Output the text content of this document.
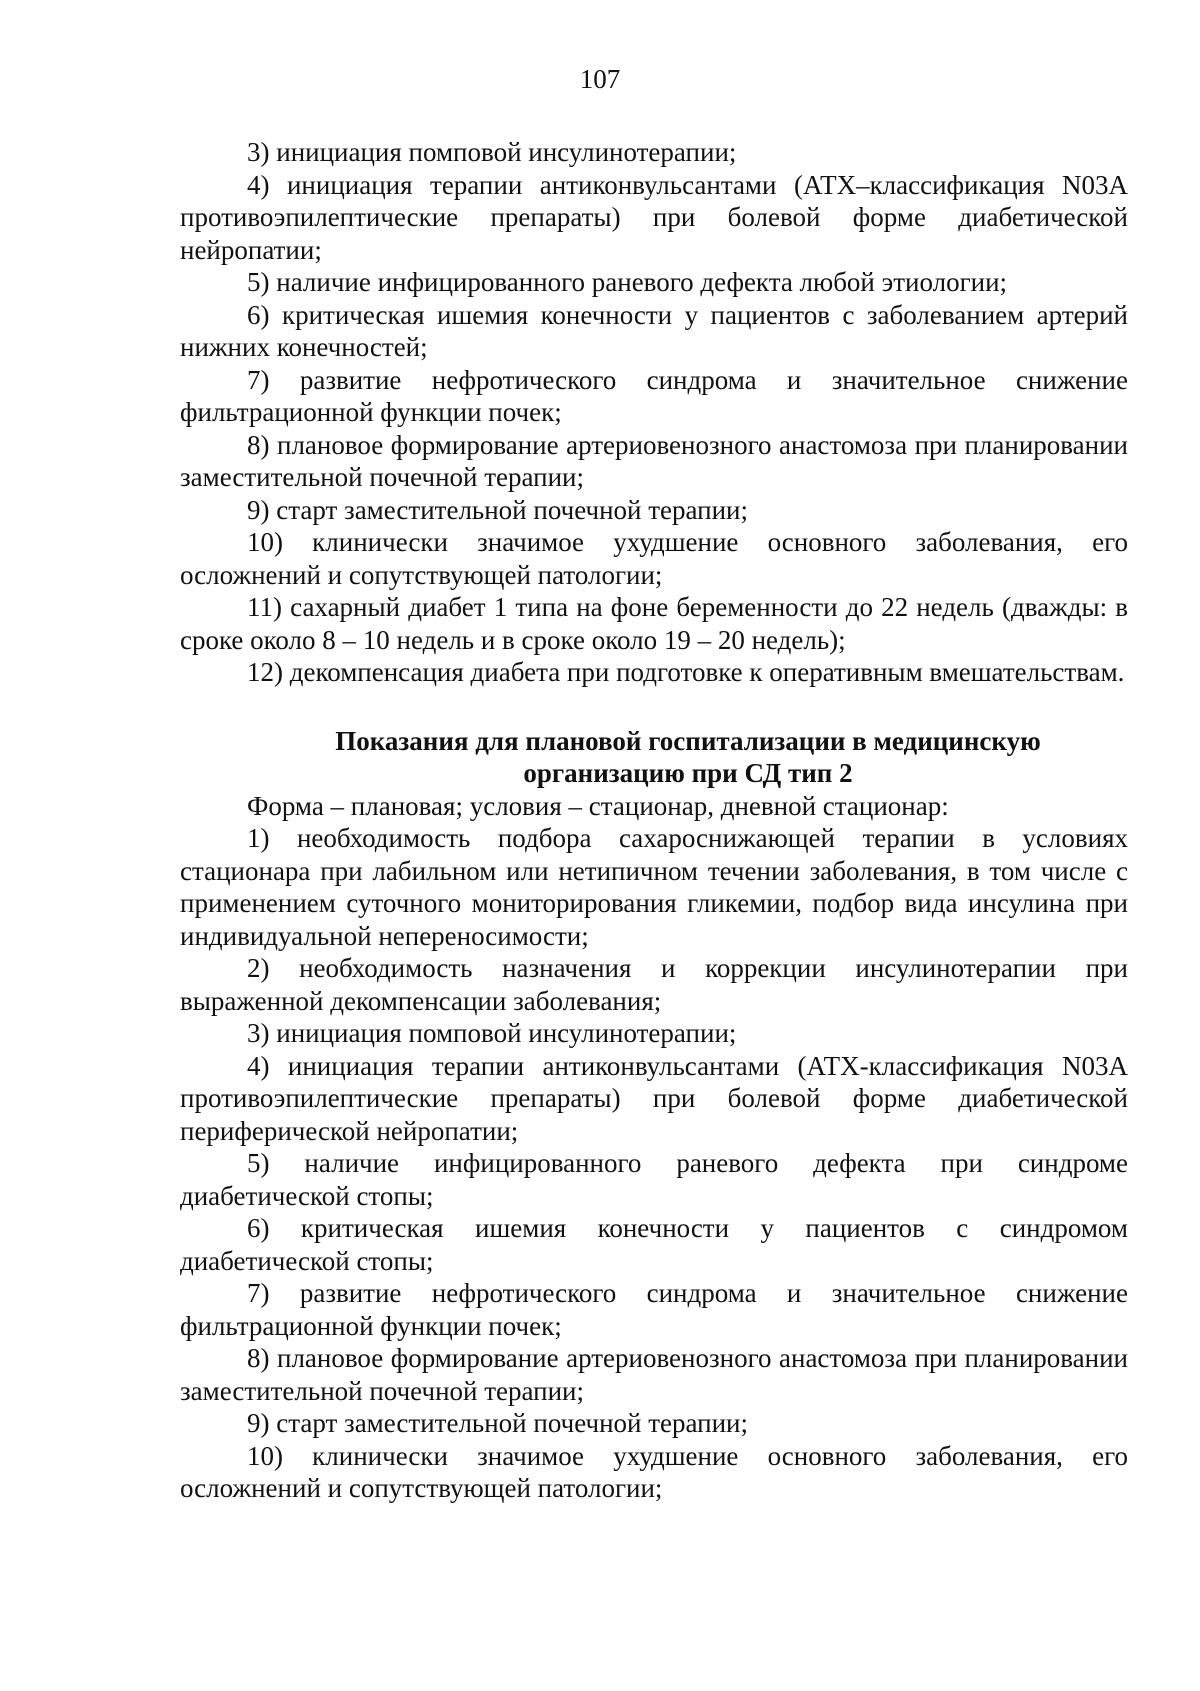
107

3) инициация помповой инсулинотерапии;

4) инициация терапии антиконвульсантами (АТХ–классификация N03A противоэпилептические препараты) при болевой форме диабетической нейропатии;

5) наличие инфицированного раневого дефекта любой этиологии;

6) критическая ишемия конечности у пациентов с заболеванием артерий нижних конечностей;

7) развитие нефротического синдрома и значительное снижение фильтрационной функции почек;

8) плановое формирование артериовенозного анастомоза при планировании заместительной почечной терапии;

9) старт заместительной почечной терапии;

10) клинически значимое ухудшение основного заболевания, его осложнений и сопутствующей патологии;

11) сахарный диабет 1 типа на фоне беременности до 22 недель (дважды: в сроке около 8 – 10 недель и в сроке около 19 – 20 недель);

12) декомпенсация диабета при подготовке к оперативным вмешательствам.

Показания для плановой госпитализации в медицинскую организацию при СД тип 2

Форма – плановая; условия – стационар, дневной стационар:

1) необходимость подбора сахароснижающей терапии в условиях стационара при лабильном или нетипичном течении заболевания, в том числе с применением суточного мониторирования гликемии, подбор вида инсулина при индивидуальной непереносимости;

2) необходимость назначения и коррекции инсулинотерапии при выраженной декомпенсации заболевания;

3) инициация помповой инсулинотерапии;

4) инициация терапии антиконвульсантами (АТХ-классификация N03A противоэпилептические препараты) при болевой форме диабетической периферической нейропатии;

5) наличие инфицированного раневого дефекта при синдроме диабетической стопы;

6) критическая ишемия конечности у пациентов с синдромом диабетической стопы;

7) развитие нефротического синдрома и значительное снижение фильтрационной функции почек;

8) плановое формирование артериовенозного анастомоза при планировании заместительной почечной терапии;

9) старт заместительной почечной терапии;

10) клинически значимое ухудшение основного заболевания, его осложнений и сопутствующей патологии;
